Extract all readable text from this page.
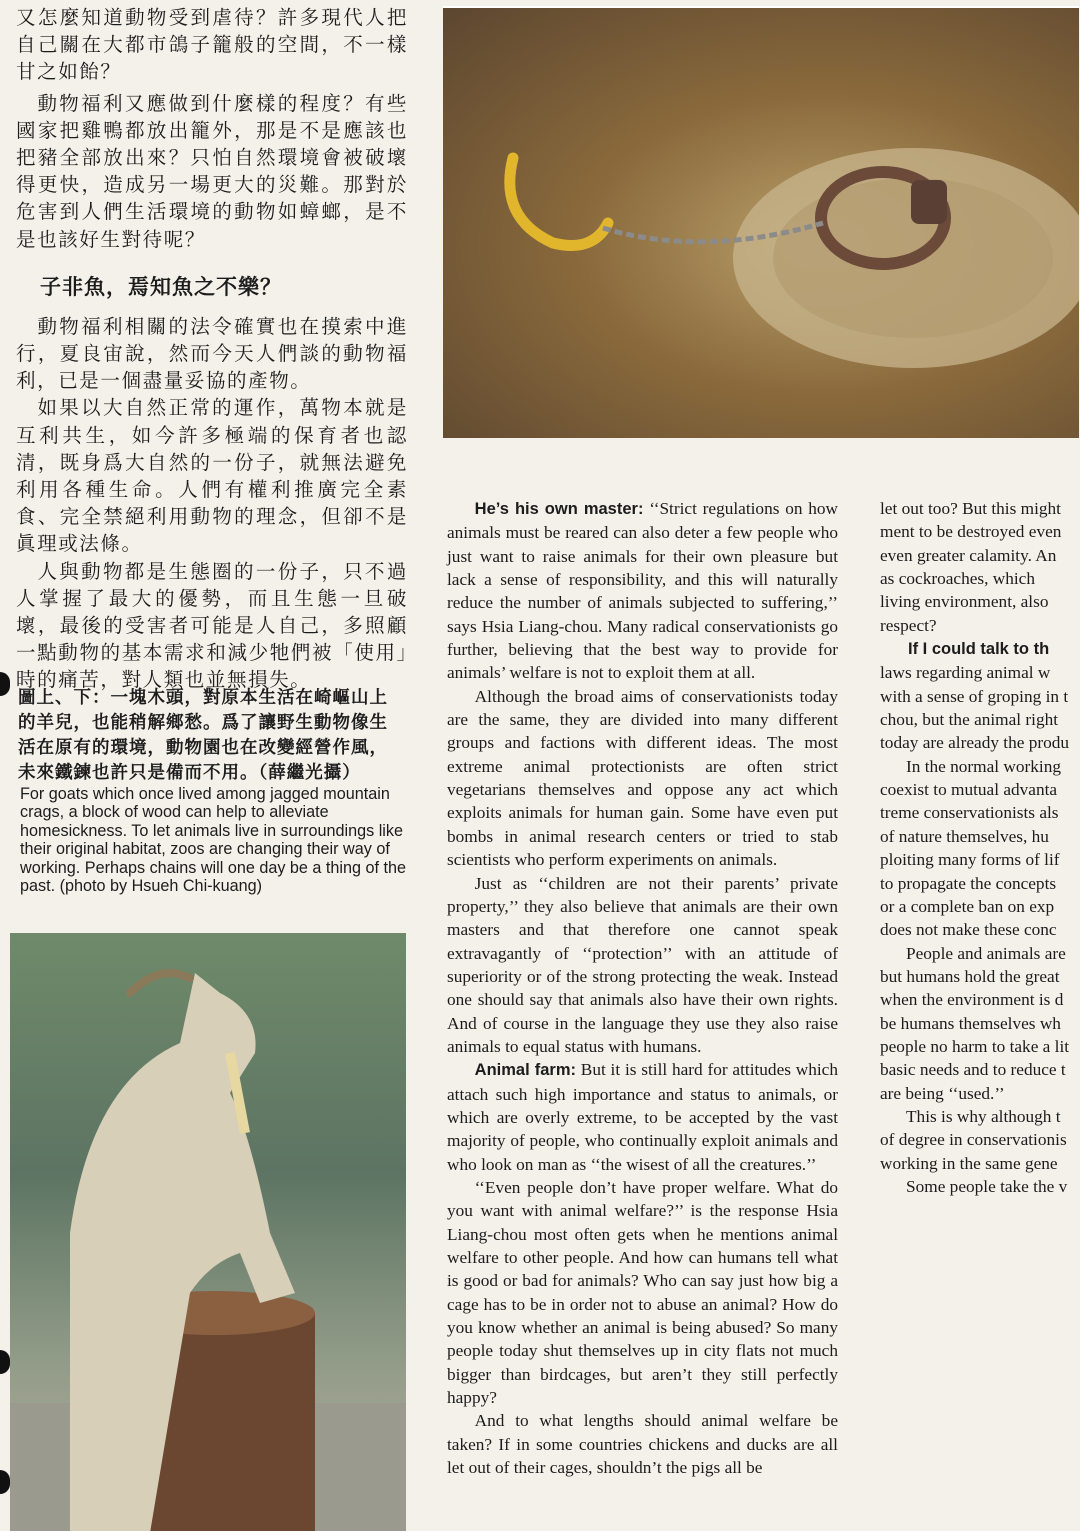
又怎麼知道動物受到虐待？許多現代人把自己關在大都市鴿子籠般的空間，不一樣甘之如飴？

動物福利又應做到什麼樣的程度？有些國家把雞鴨都放出籠外，那是不是應該也把豬全部放出來？只怕自然環境會被破壞得更快，造成另一場更大的災難。那對於危害到人們生活環境的動物如蟑螂，是不是也該好生對待呢？

子非魚，焉知魚之不樂？

動物福利相關的法令確實也在摸索中進行，夏良宙說，然而今天人們談的動物福利，已是一個盡量妥協的產物。

如果以大自然正常的運作，萬物本就是互利共生，如今許多極端的保育者也認清，既身爲大自然的一份子，就無法避免利用各種生命。人們有權利推廣完全素食、完全禁絕利用動物的理念，但卻不是眞理或法條。

人與動物都是生態圈的一份子，只不過人掌握了最大的優勢，而且生態一旦破壞，最後的受害者可能是人自己，多照顧一點動物的基本需求和減少牠們被「使用」時的痛苦，對人類也並無損失。

圖上、下：一塊木頭，對原本生活在崎嶇山上的羊兒，也能稍解鄉愁。爲了讓野生動物像生活在原有的環境，動物園也在改變經營作風，未來鐵鍊也許只是備而不用。（薛繼光攝）
For goats which once lived among jagged mountain crags, a block of wood can help to alleviate homesickness. To let animals live in surroundings like their original habitat, zoos are changing their way of working. Perhaps chains will one day be a thing of the past. (photo by Hsueh Chi-kuang)

He’s his own master: ‘‘Strict regulations on how animals must be reared can also deter a few people who just want to raise animals for their own pleasure but lack a sense of responsibility, and this will naturally reduce the number of animals subjected to suffering,’’ says Hsia Liang-chou. Many radical conservationists go further, believing that the best way to provide for animals’ welfare is not to exploit them at all.

Although the broad aims of conservationists today are the same, they are divided into many different groups and factions with different ideas. The most extreme animal protectionists are often strict vegetarians themselves and oppose any act which exploits animals for human gain. Some have even put bombs in animal research centers or tried to stab scientists who perform experiments on animals.

Just as ‘‘children are not their parents’ private property,’’ they also believe that animals are their own masters and that therefore one cannot speak extravagantly of ‘‘protection’’ with an attitude of superiority or of the strong protecting the weak. Instead one should say that animals also have their own rights. And of course in the language they use they also raise animals to equal status with humans.

Animal farm: But it is still hard for attitudes which attach such high importance and status to animals, or which are overly extreme, to be accepted by the vast majority of people, who continually exploit animals and who look on man as ‘‘the wisest of all the creatures.’’

‘‘Even people don’t have proper welfare. What do you want with animal welfare?’’ is the response Hsia Liang-chou most often gets when he mentions animal welfare to other people. And how can humans tell what is good or bad for animals? Who can say just how big a cage has to be in order not to abuse an animal? How do you know whether an animal is being abused? So many people today shut themselves up in city flats not much bigger than birdcages, but aren’t they still perfectly happy?

And to what lengths should animal welfare be taken? If in some countries chickens and ducks are all let out of their cages, shouldn’t the pigs all be

let out too? But this might
ment to be destroyed even
even greater calamity. An
as cockroaches, which
living environment, also
respect?
If I could talk to th
laws regarding animal w
with a sense of groping in t
chou, but the animal right
today are already the produ
In the normal working
coexist to mutual advanta
treme conservationists als
of nature themselves, hu
ploiting many forms of lif
to propagate the concepts
or a complete ban on exp
does not make these conc
People and animals are
but humans hold the great
when the environment is d
be humans themselves wh
people no harm to take a lit
basic needs and to reduce t
are being ‘‘used.’’
This is why although t
of degree in conservationis
working in the same gene
Some people take the v
